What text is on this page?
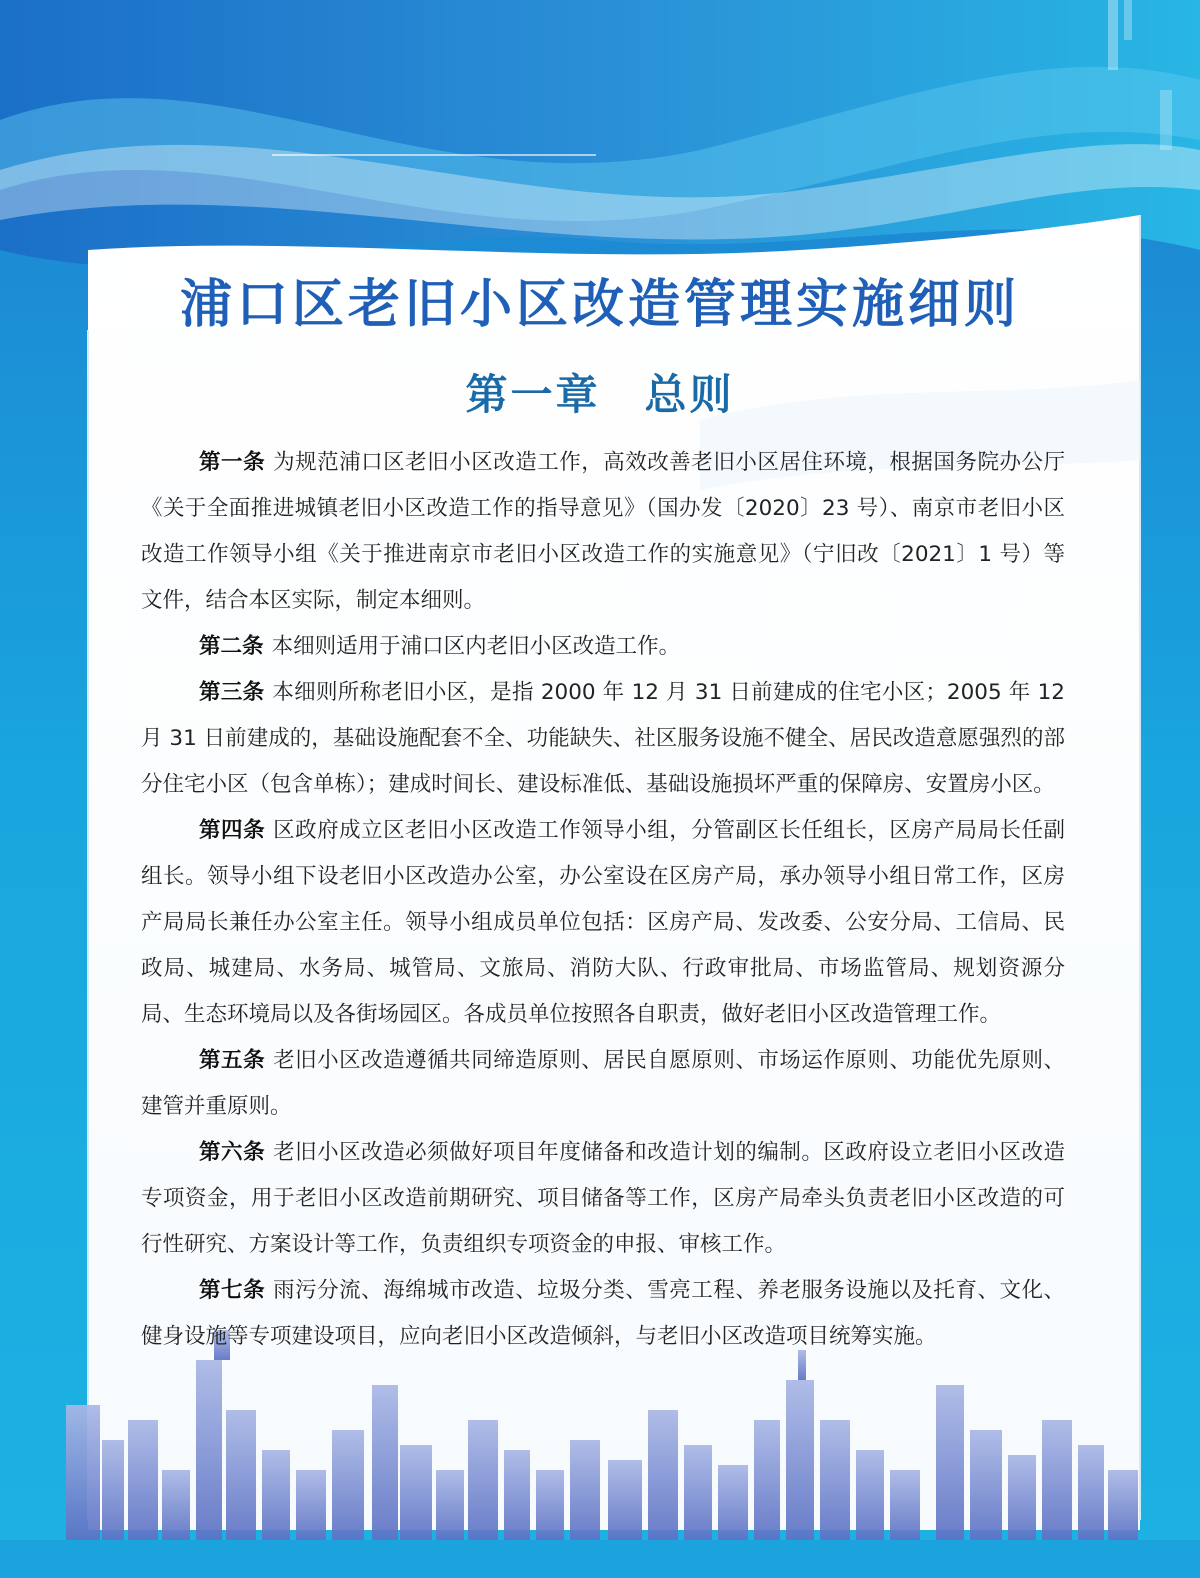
浦口区老旧小区改造管理实施细则
第一章 总则

第一条 为规范浦口区老旧小区改造工作，高效改善老旧小区居住环境，根据国务院办公厅《关于全面推进城镇老旧小区改造工作的指导意见》（国办发〔2020〕23 号）、南京市老旧小区改造工作领导小组《关于推进南京市老旧小区改造工作的实施意见》（宁旧改〔2021〕1 号）等文件，结合本区实际，制定本细则。

第二条 本细则适用于浦口区内老旧小区改造工作。

第三条 本细则所称老旧小区，是指 2000 年 12 月 31 日前建成的住宅小区；2005 年 12 月 31 日前建成的，基础设施配套不全、功能缺失、社区服务设施不健全、居民改造意愿强烈的部分住宅小区（包含单栋）；建成时间长、建设标准低、基础设施损坏严重的保障房、安置房小区。

第四条 区政府成立区老旧小区改造工作领导小组，分管副区长任组长，区房产局局长任副组长。领导小组下设老旧小区改造办公室，办公室设在区房产局，承办领导小组日常工作，区房产局局长兼任办公室主任。领导小组成员单位包括：区房产局、发改委、公安分局、工信局、民政局、城建局、水务局、城管局、文旅局、消防大队、行政审批局、市场监管局、规划资源分局、生态环境局以及各街场园区。各成员单位按照各自职责，做好老旧小区改造管理工作。

第五条 老旧小区改造遵循共同缔造原则、居民自愿原则、市场运作原则、功能优先原则、建管并重原则。

第六条 老旧小区改造必须做好项目年度储备和改造计划的编制。区政府设立老旧小区改造专项资金，用于老旧小区改造前期研究、项目储备等工作，区房产局牵头负责老旧小区改造的可行性研究、方案设计等工作，负责组织专项资金的申报、审核工作。

第七条 雨污分流、海绵城市改造、垃圾分类、雪亮工程、养老服务设施以及托育、文化、健身设施等专项建设项目，应向老旧小区改造倾斜，与老旧小区改造项目统筹实施。
